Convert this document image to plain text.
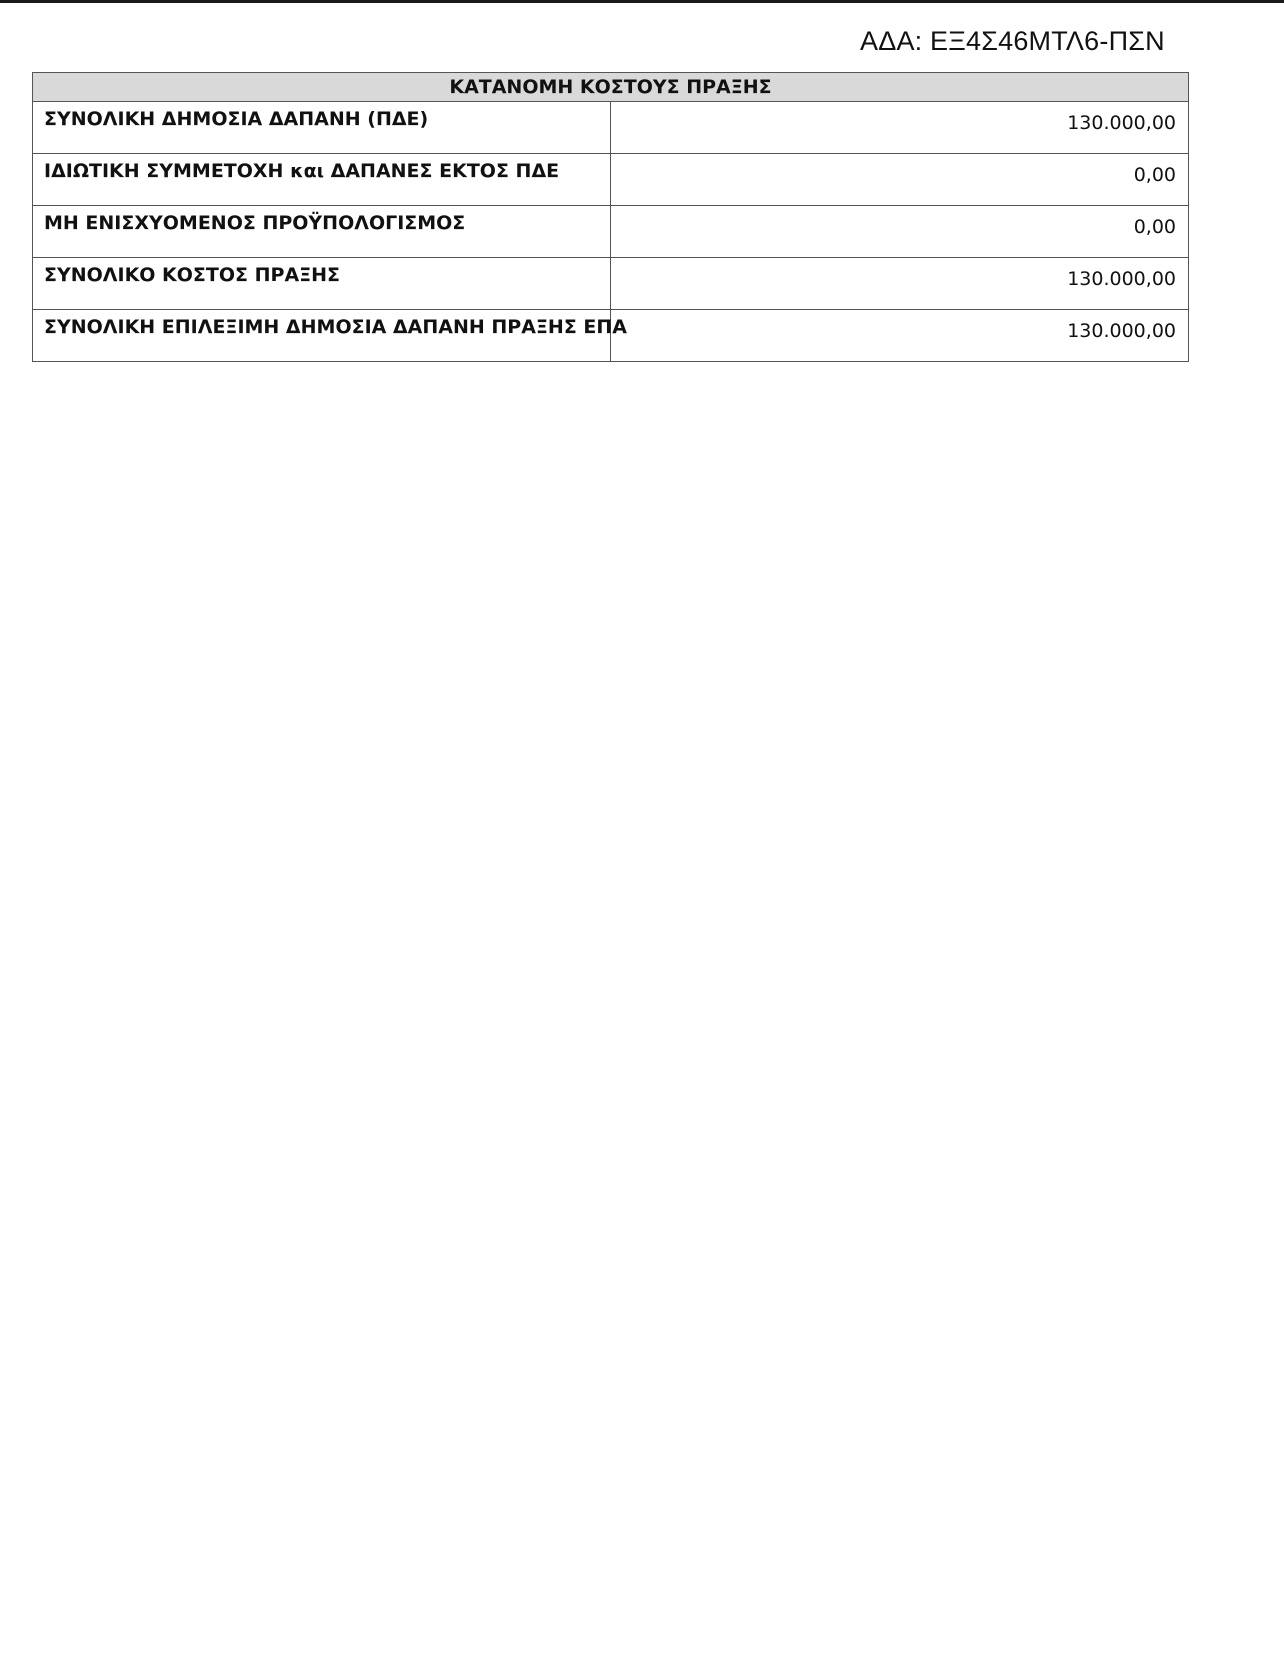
ΑΔΑ: ΕΞ4Σ46ΜΤΛ6-ΠΣΝ
ΚΑΤΑΝΟΜΗ ΚΟΣΤΟΥΣ ΠΡΑΞΗΣ	
ΣΥΝΟΛΙΚΗ ΔΗΜΟΣΙΑ ΔΑΠΑΝΗ (ΠΔΕ)	130.000,00
ΙΔΙΩΤΙΚΗ ΣΥΜΜΕΤΟΧΗ και ΔΑΠΑΝΕΣ ΕΚΤΟΣ ΠΔΕ	0,00
ΜΗ ΕΝΙΣΧΥΟΜΕΝΟΣ ΠΡΟΫΠΟΛΟΓΙΣΜΟΣ	0,00
ΣΥΝΟΛΙΚΟ ΚΟΣΤΟΣ ΠΡΑΞΗΣ	130.000,00
ΣΥΝΟΛΙΚΗ ΕΠΙΛΕΞΙΜΗ ΔΗΜΟΣΙΑ ΔΑΠΑΝΗ ΠΡΑΞΗΣ ΕΠΑ	130.000,00
